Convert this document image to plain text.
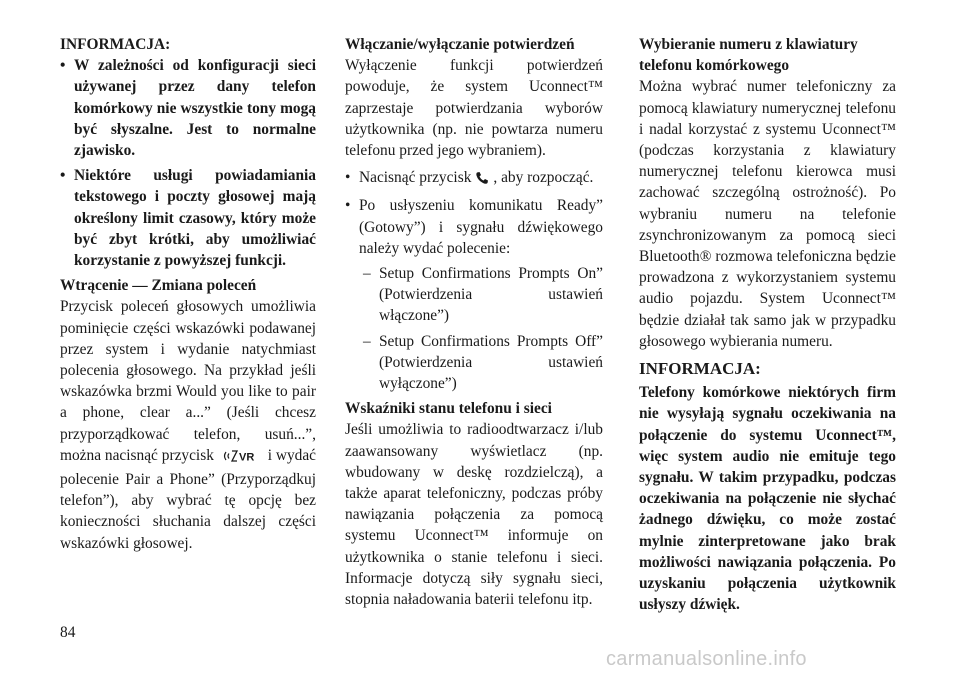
INFORMACJA:

• W zależności od konfiguracji sieci używanej przez dany telefon komórkowy nie wszystkie tony mogą być słyszalne. Jest to normalne zjawisko.
• Niektóre usługi powiadamiania tekstowego i poczty głosowej mają określony limit czasowy, który może być zbyt krótki, aby umożliwiać korzystanie z powyższej funkcji.

Wtrącenie — Zmiana poleceń

Przycisk poleceń głosowych umożliwia pominięcie części wskazówki podawanej przez system i wydanie natychmiast polecenia głosowego. Na przykład jeśli wskazówka brzmi Would you like to pair a phone, clear a...” (Jeśli chcesz przyporządkować telefon, usuń...”, można nacisnąć przycisk VR i wydać polecenie Pair a Phone” (Przyporządkuj telefon”), aby wybrać tę opcję bez konieczności słuchania dalszej części wskazówki głosowej.

Włączanie/wyłączanie potwierdzeń

Wyłączenie funkcji potwierdzeń powoduje, że system Uconnect™ zaprzestaje potwierdzania wyborów użytkownika (np. nie powtarza numeru telefonu przed jego wybraniem).

• Nacisnąć przycisk , aby rozpocząć.
• Po usłyszeniu komunikatu Ready” (Gotowy”) i sygnału dźwiękowego należy wydać polecenie:
– Setup Confirmations Prompts On” (Potwierdzenia ustawień włączone”)
– Setup Confirmations Prompts Off” (Potwierdzenia ustawień wyłączone”)

Wskaźniki stanu telefonu i sieci

Jeśli umożliwia to radioodtwarzacz i/lub zaawansowany wyświetlacz (np. wbudowany w deskę rozdzielczą), a także aparat telefoniczny, podczas próby nawiązania połączenia za pomocą systemu Uconnect™ informuje on użytkownika o stanie telefonu i sieci. Informacje dotyczą siły sygnału sieci, stopnia naładowania baterii telefonu itp.

Wybieranie numeru z klawiatury
telefonu komórkowego

Można wybrać numer telefoniczny za pomocą klawiatury numerycznej telefonu i nadal korzystać z systemu Uconnect™ (podczas korzystania z klawiatury numerycznej telefonu kierowca musi zachować szczególną ostrożność). Po wybraniu numeru na telefonie zsynchronizowanym za pomocą sieci Bluetooth® rozmowa telefoniczna będzie prowadzona z wykorzystaniem systemu audio pojazdu. System Uconnect™ będzie działał tak samo jak w przypadku głosowego wybierania numeru.

INFORMACJA:

Telefony komórkowe niektórych firm nie wysyłają sygnału oczekiwania na połączenie do systemu Uconnect™, więc system audio nie emituje tego sygnału. W takim przypadku, podczas oczekiwania na połączenie nie słychać żadnego dźwięku, co może zostać mylnie zinterpretowane jako brak możliwości nawiązania połączenia. Po uzyskaniu połączenia użytkownik usłyszy dźwięk.

84
carmanualsonline.info
